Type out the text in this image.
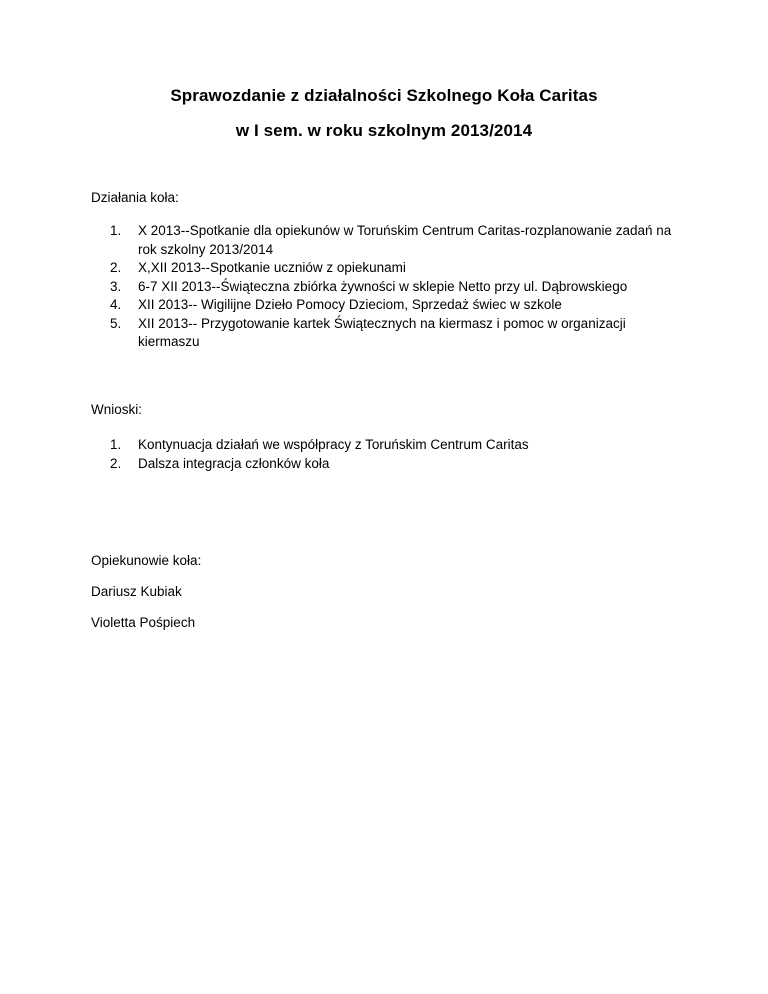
Sprawozdanie z działalności Szkolnego Koła Caritas
w I sem. w roku szkolnym 2013/2014
Działania koła:
1. X 2013--Spotkanie dla opiekunów w Toruńskim Centrum Caritas-rozplanowanie zadań na rok szkolny 2013/2014
2. X,XII 2013--Spotkanie uczniów z opiekunami
3. 6-7 XII 2013--Świąteczna zbiórka żywności w sklepie Netto przy ul. Dąbrowskiego
4. XII 2013-- Wigilijne Dzieło Pomocy Dzieciom, Sprzedaż świec w szkole
5. XII 2013-- Przygotowanie kartek Świątecznych na kiermasz i pomoc w organizacji kiermaszu
Wnioski:
1. Kontynuacja działań we współpracy z Toruńskim Centrum Caritas
2. Dalsza integracja członków koła
Opiekunowie koła:
Dariusz Kubiak
Violetta Pośpiech
